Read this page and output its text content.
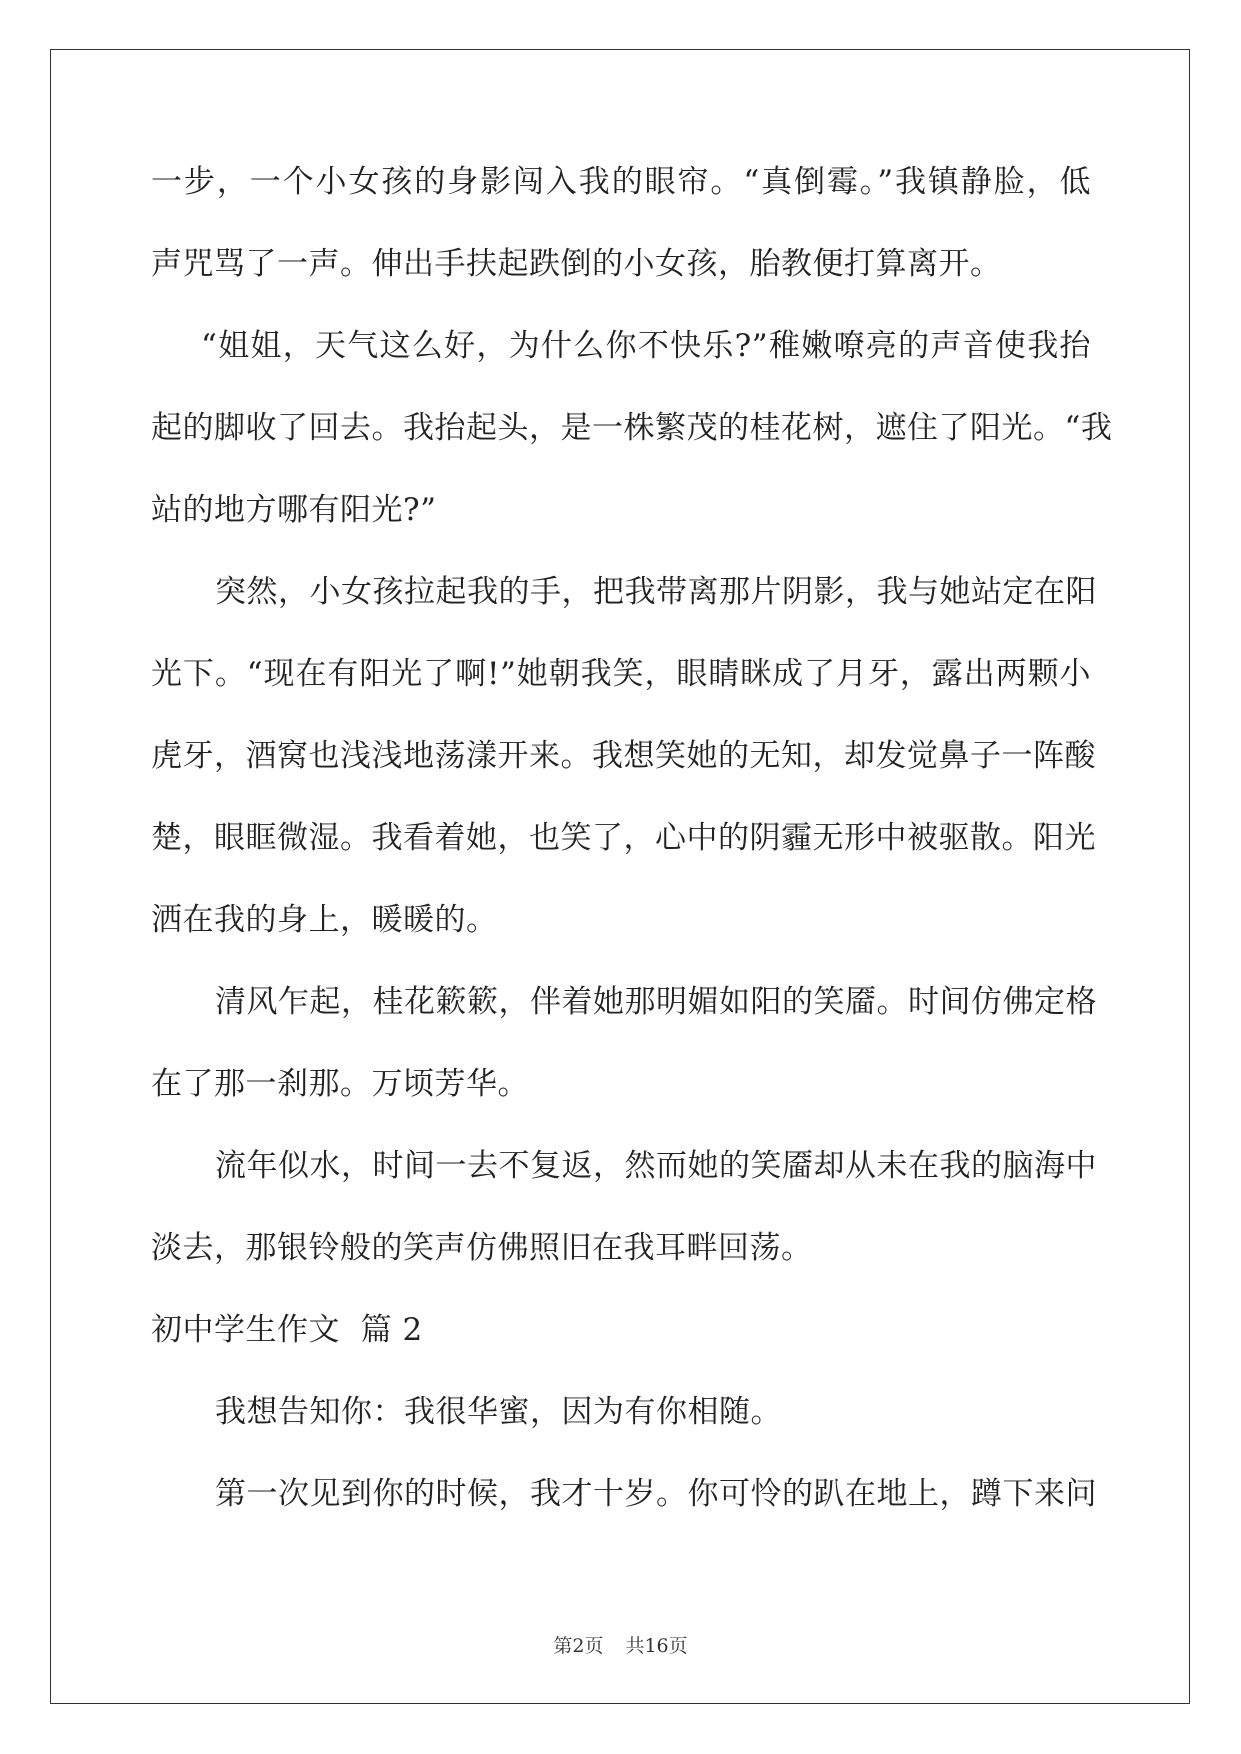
一步，一个小女孩的身影闯入我的眼帘。“真倒霉。”我镇静脸，低
声咒骂了一声。伸出手扶起跌倒的小女孩，胎教便打算离开。
“姐姐，天气这么好，为什么你不快乐?”稚嫩嘹亮的声音使我抬
起的脚收了回去。我抬起头，是一株繁茂的桂花树，遮住了阳光。“我
站的地方哪有阳光?”
突然，小女孩拉起我的手，把我带离那片阴影，我与她站定在阳
光下。“现在有阳光了啊!”她朝我笑，眼睛眯成了月牙，露出两颗小
虎牙，酒窝也浅浅地荡漾开来。我想笑她的无知，却发觉鼻子一阵酸
楚，眼眶微湿。我看着她，也笑了，心中的阴霾无形中被驱散。阳光
洒在我的身上，暖暖的。
清风乍起，桂花簌簌，伴着她那明媚如阳的笑靥。时间仿佛定格
在了那一刹那。万顷芳华。
流年似水，时间一去不复返，然而她的笑靥却从未在我的脑海中
淡去，那银铃般的笑声仿佛照旧在我耳畔回荡。
初中学生作文  篇 2
我想告知你：我很华蜜，因为有你相随。
第一次见到你的时候，我才十岁。你可怜的趴在地上，蹲下来问
第2页 共16页
